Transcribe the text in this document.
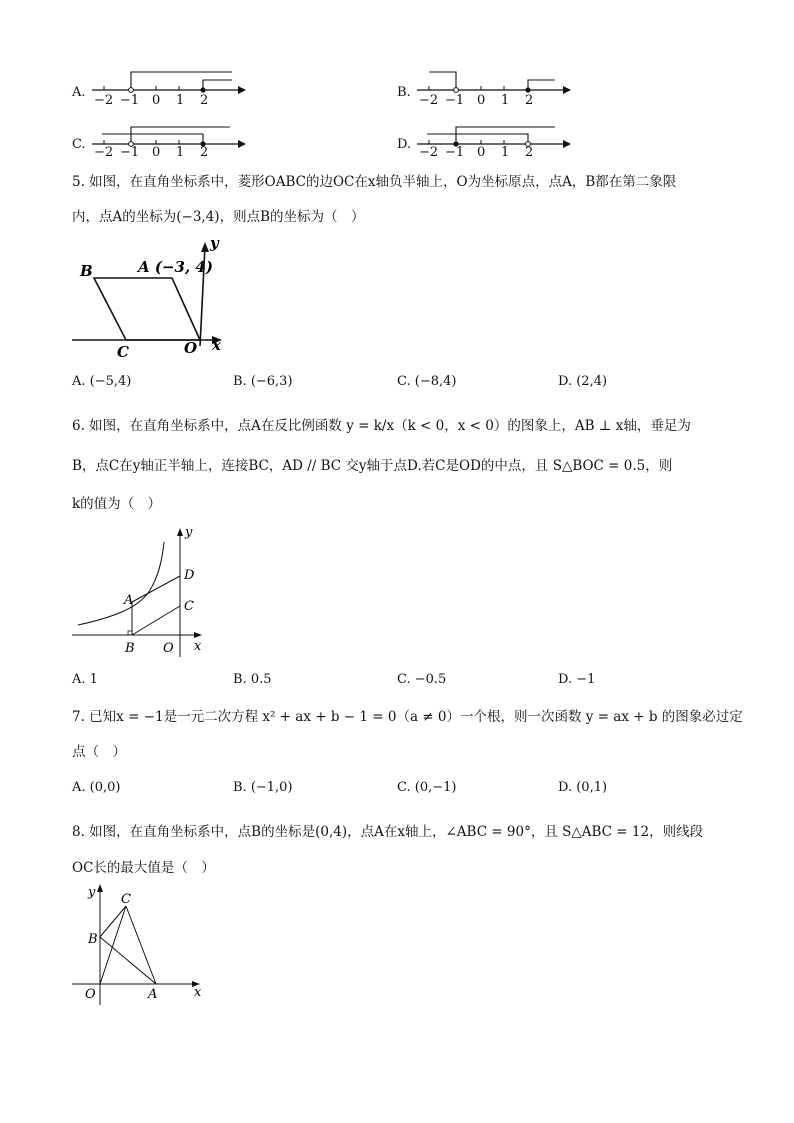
A.
−2 −1 0 1 2
B.
−2 −1 0 1 2
C.
−2 −1 0 1 2
D.
−2 −1 0 1 2
5. 如图，在直角坐标系中，菱形OABC的边OC在x轴负半轴上，O为坐标原点，点A，B都在第二象限
内，点A的坐标为(−3,4)，则点B的坐标为（　）
B	A (−3, 4)
C	O x
y
A. (−5,4)	B. (−6,3)	C. (−8,4)	D. (2,4)
6. 如图，在直角坐标系中，点A在反比例函数 y = k/x（k < 0，x < 0）的图象上，AB ⊥ x轴，垂足为
B，点C在y轴正半轴上，连接BC，AD // BC 交y轴于点D.若C是OD的中点，且 S△BOC = 0.5，则
k的值为（　）
y
D
A	C
B O x
A. 1	B. 0.5	C. −0.5	D. −1
7. 已知x = −1是一元二次方程 x² + ax + b − 1 = 0（a ≠ 0）一个根，则一次函数 y = ax + b 的图象必过定
点（　）
A. (0,0)	B. (−1,0)	C. (0,−1)	D. (0,1)
8. 如图，在直角坐标系中，点B的坐标是(0,4)，点A在x轴上，∠ABC = 90°，且 S△ABC = 12，则线段
OC长的最大值是（　）
y C
B
O	A	x
